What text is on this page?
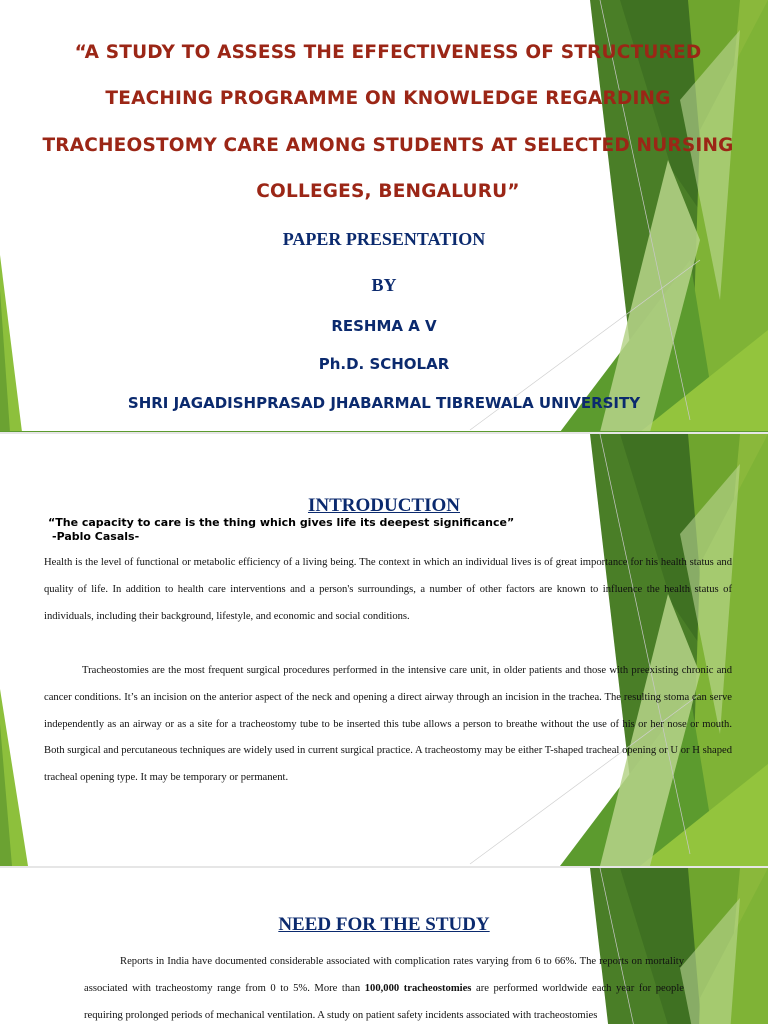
“A STUDY TO ASSESS THE EFFECTIVENESS OF STRUCTURED
TEACHING PROGRAMME ON KNOWLEDGE REGARDING
TRACHEOSTOMY CARE AMONG STUDENTS AT SELECTED NURSING
COLLEGES, BENGALURU”
PAPER PRESENTATION
BY
RESHMA A V
Ph.D. SCHOLAR
SHRI JAGADISHPRASAD JHABARMAL TIBREWALA UNIVERSITY
INTRODUCTION
“The capacity to care is the thing which gives life its deepest significance”
-Pablo Casals-
Health is the level of functional or metabolic efficiency of a living being. The context in which an individual lives is of great importance for his health status and quality of life. In addition to health care interventions and a person's surroundings, a number of other factors are known to influence the health status of individuals, including their background, lifestyle, and economic and social conditions.
Tracheostomies are the most frequent surgical procedures performed in the intensive care unit, in older patients and those with preexisting chronic and cancer conditions. It’s an incision on the anterior aspect of the neck and opening a direct airway through an incision in the trachea. The resulting stoma can serve independently as an airway or as a site for a tracheostomy tube to be inserted this tube allows a person to breathe without the use of his or her nose or mouth. Both surgical and percutaneous techniques are widely used in current surgical practice. A tracheostomy may be either T-shaped tracheal opening or U or H shaped tracheal opening type. It may be temporary or permanent.
NEED FOR THE STUDY
Reports in India have documented considerable associated with complication rates varying from 6 to 66%. The reports on mortality associated with tracheostomy range from 0 to 5%. More than 100,000 tracheostomies are performed worldwide each year for people requiring prolonged periods of mechanical ventilation. A study on patient safety incidents associated with tracheostomies
